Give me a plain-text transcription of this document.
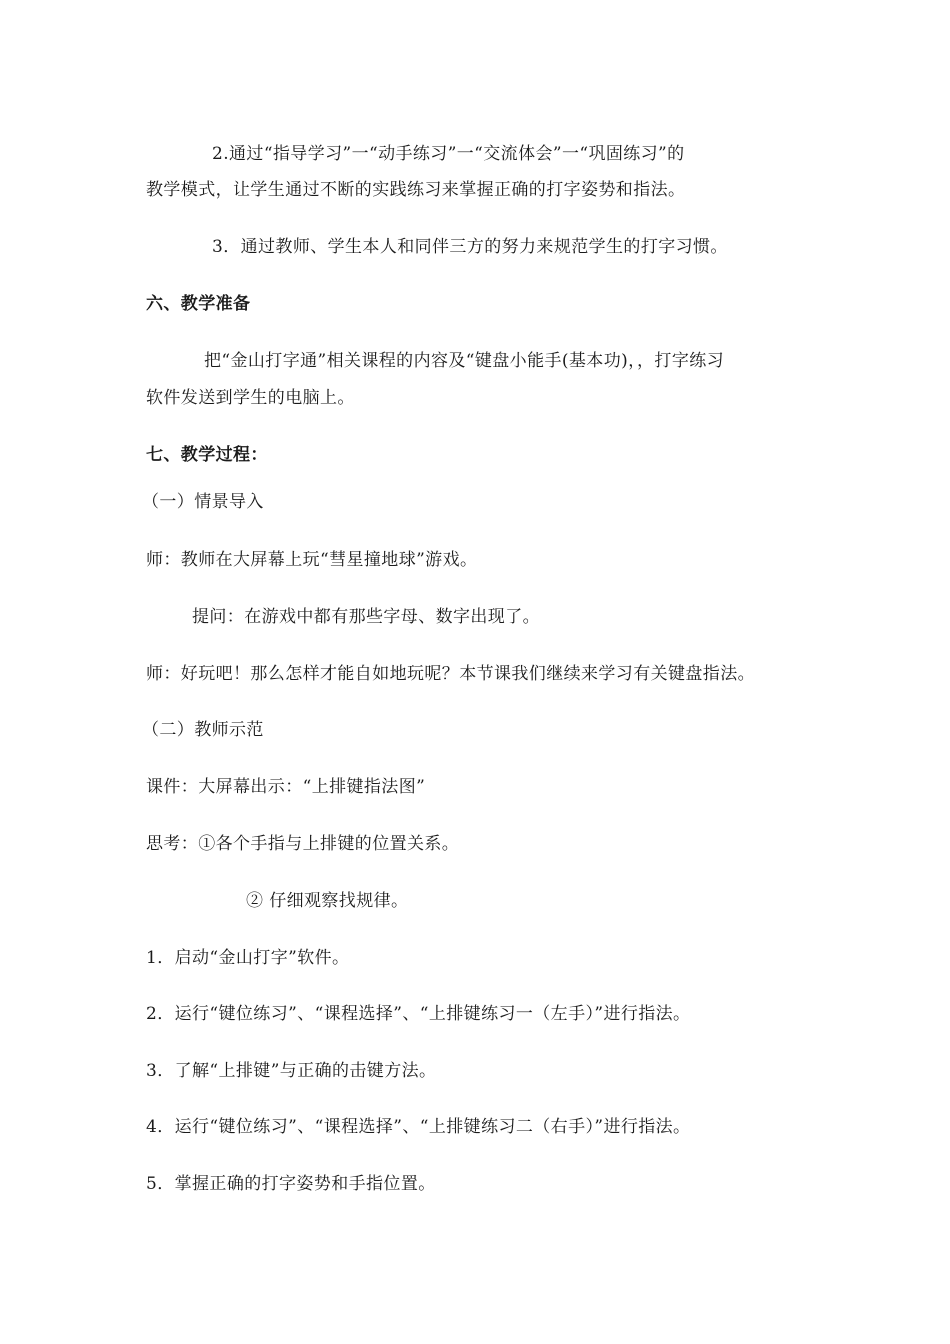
2.通过“指导学习”一“动手练习”一“交流体会”一“巩固练习”的

教学模式，让学生通过不断的实践练习来掌握正确的打字姿势和指法。

3．通过教师、学生本人和同伴三方的努力来规范学生的打字习惯。

六、教学准备

把“金山打字通”相关课程的内容及“键盘小能手(基本功)，，打字练习

软件发送到学生的电脑上。

七、教学过程：

（一）情景导入

师：教师在大屏幕上玩“彗星撞地球”游戏。

提问：在游戏中都有那些字母、数字出现了。

师：好玩吧！那么怎样才能自如地玩呢？本节课我们继续来学习有关键盘指法。

（二）教师示范

课件：大屏幕出示：“上排键指法图”

思考：①各个手指与上排键的位置关系。

② 仔细观察找规律。

1．启动“金山打字”软件。

2．运行“键位练习”、“课程选择”、“上排键练习一（左手）”进行指法。

3．了解“上排键”与正确的击键方法。

4．运行“键位练习”、“课程选择”、“上排键练习二（右手）”进行指法。

5．掌握正确的打字姿势和手指位置。
